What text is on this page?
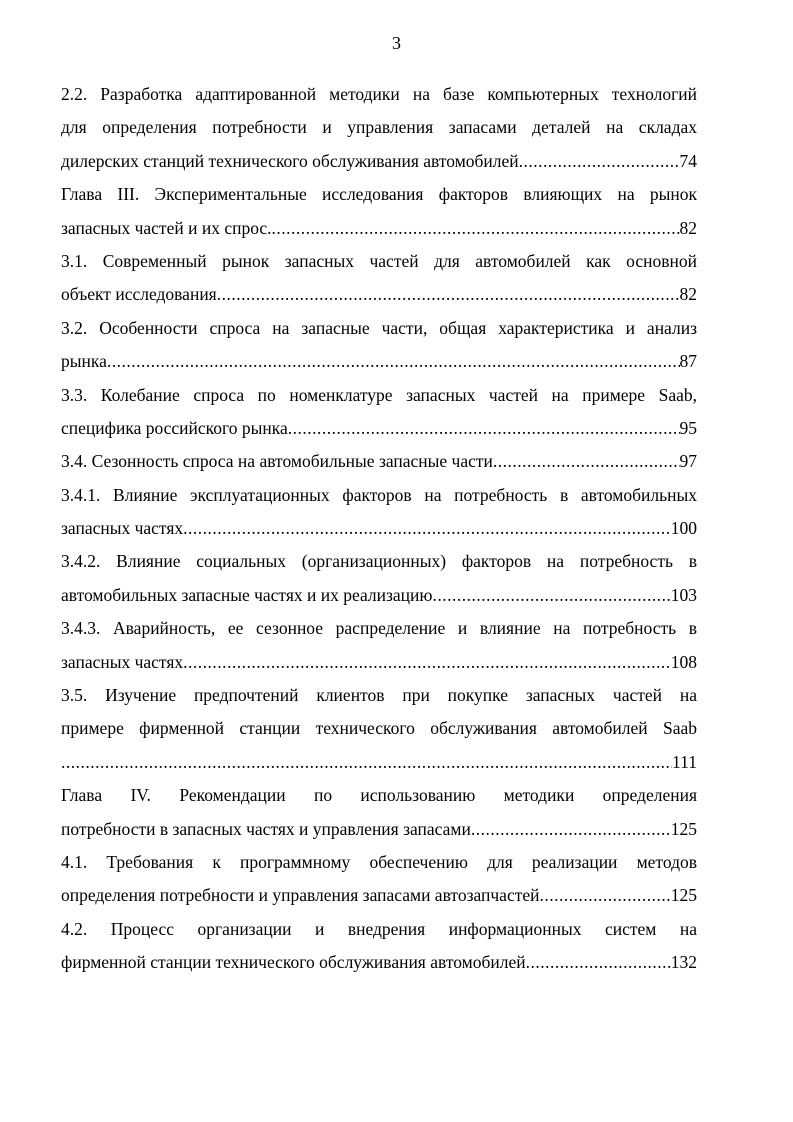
3
2.2. Разработка адаптированной методики на базе компьютерных технологий
для определения потребности и управления запасами деталей на складах
дилерских станций технического обслуживания автомобилей .....	74
Глава III. Экспериментальные исследования факторов влияющих на рынок
запасных частей и их спрос. .....	82
3.1. Современный рынок запасных частей для автомобилей как основной
объект исследования .....	82
3.2. Особенности спроса на запасные части, общая характеристика и анализ
рынка .....	87
3.3. Колебание спроса по номенклатуре запасных частей на примере Saab,
специфика российского рынка .....	95
3.4. Сезонность спроса на автомобильные запасные части .....	97
3.4.1. Влияние эксплуатационных факторов на потребность в автомобильных
запасных частях .....	100
3.4.2. Влияние социальных (организационных) факторов на потребность в
автомобильных запасные частях и их реализацию .....	103
3.4.3. Аварийность, ее сезонное распределение и влияние на потребность в
запасных частях .....	108
3.5. Изучение предпочтений клиентов при покупке запасных частей на
примере фирменной станции технического обслуживания автомобилей Saab
.....
111
Глава IV. Рекомендации по использованию методики определения
потребности в запасных частях и управления запасами .....	125
4.1. Требования к программному обеспечению для реализации методов
определения потребности и управления запасами автозапчастей .....	125
4.2. Процесс организации и внедрения информационных систем на
фирменной станции технического обслуживания автомобилей .....	132
